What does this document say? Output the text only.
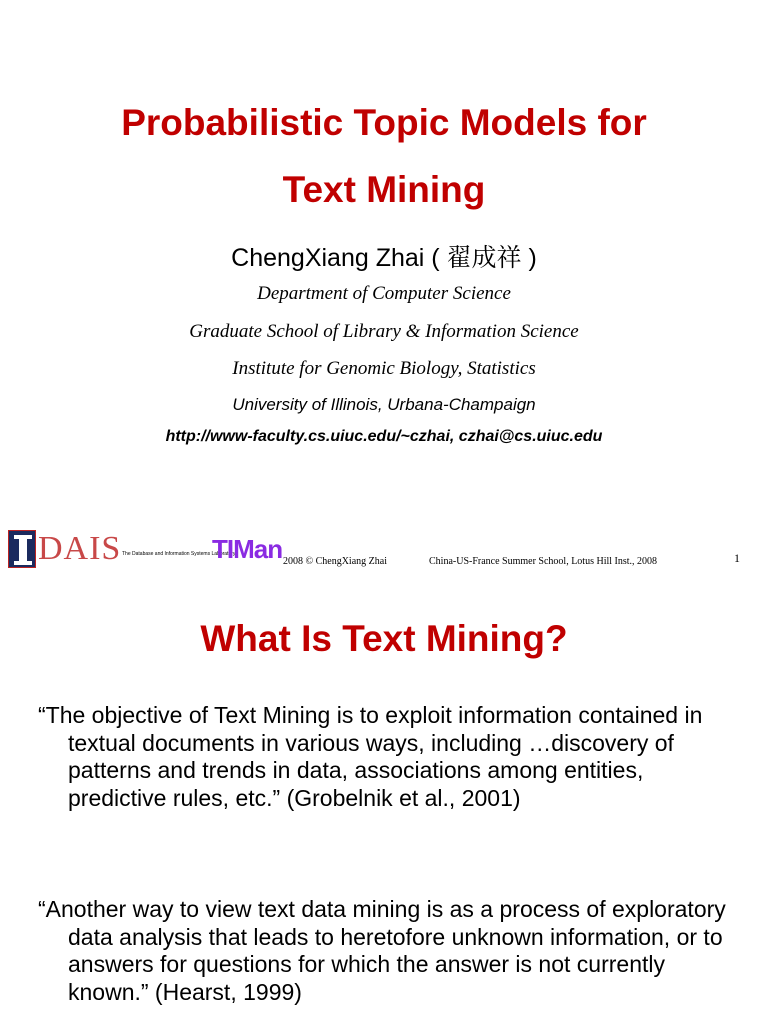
Probabilistic Topic Models for
Text Mining
ChengXiang Zhai ( 翟成祥 )
Department of Computer Science
Graduate School of Library & Information Science
Institute for Genomic Biology, Statistics
University of Illinois, Urbana-Champaign
http://www-faculty.cs.uiuc.edu/~czhai, czhai@cs.uiuc.edu
DAIS The Database and Information Systems Laboratory
TIMan 2008 © ChengXiang Zhai	China-US-France Summer School, Lotus Hill Inst., 2008	1
What Is Text Mining?
“The objective of Text Mining is to exploit information contained in textual documents in various ways, including …discovery of patterns and trends in data, associations among entities, predictive rules, etc.” (Grobelnik et al., 2001)
“Another way to view text data mining is as a process of exploratory data analysis that leads to heretofore unknown information, or to answers for questions for which the answer is not currently known.” (Hearst, 1999)
